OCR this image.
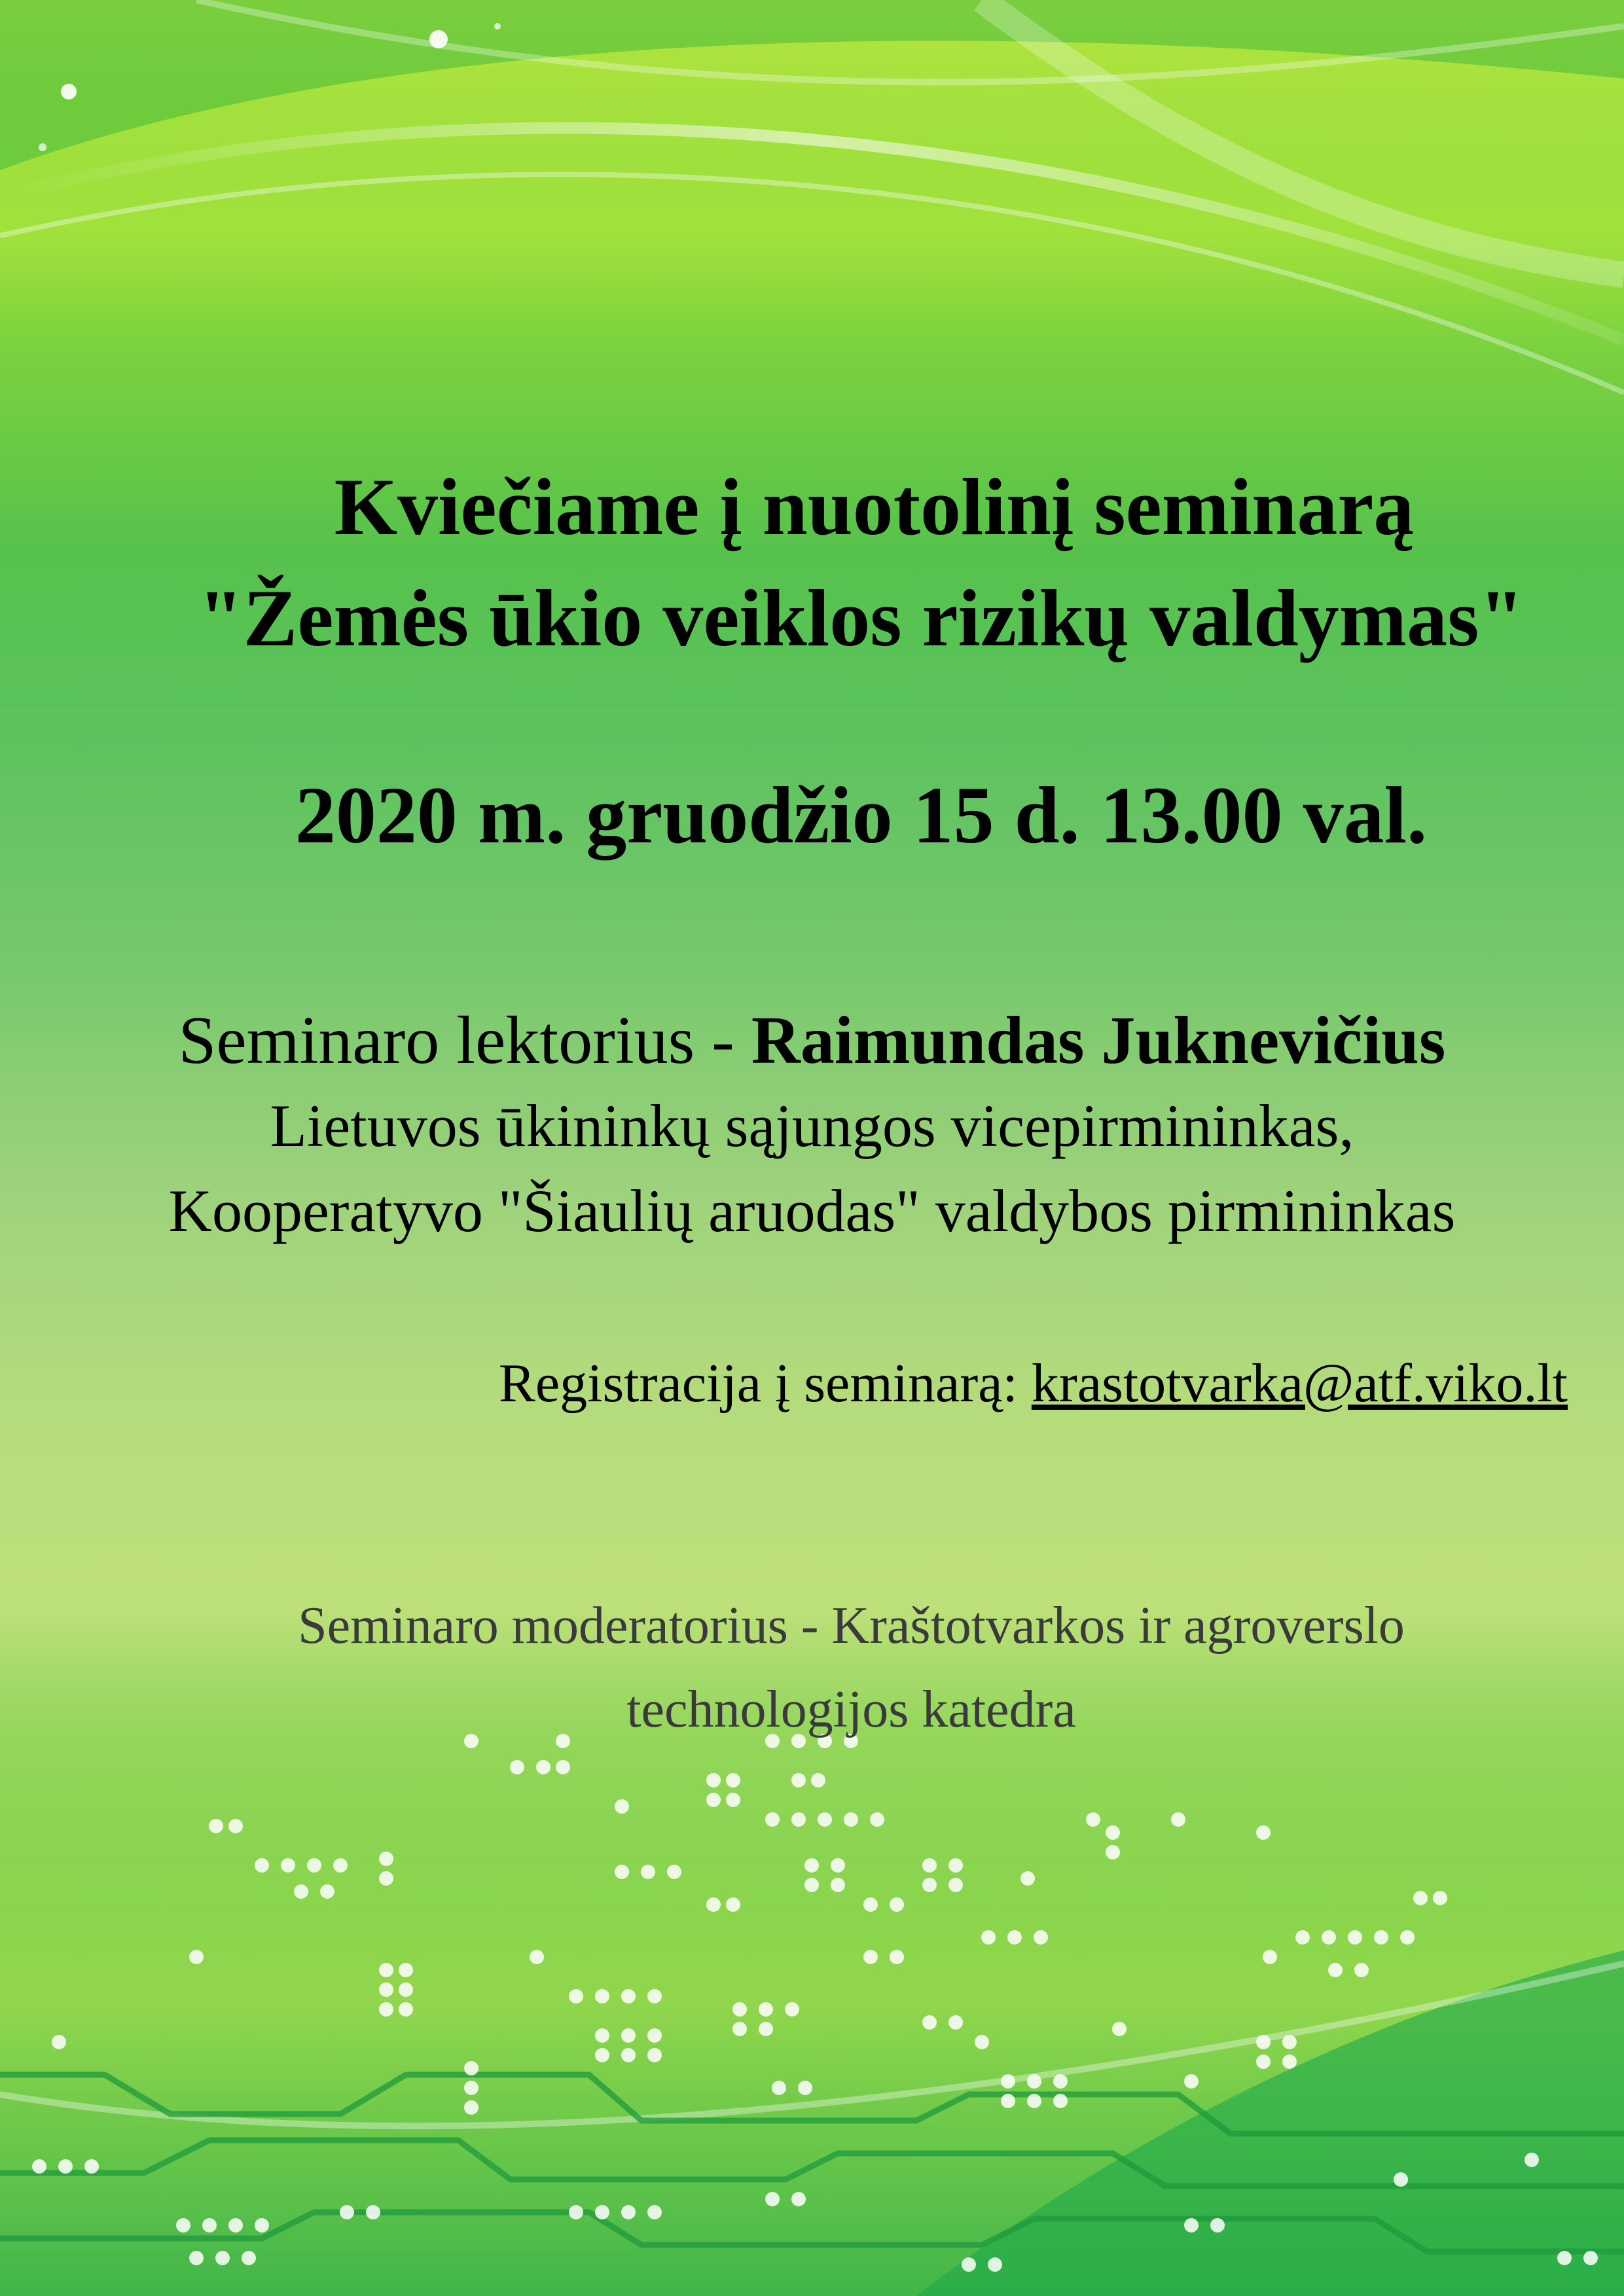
Kviečiame į nuotolinį seminarą
"Žemės ūkio veiklos rizikų valdymas"
2020 m. gruodžio 15 d. 13.00 val.
Seminaro lektorius - Raimundas Juknevičius
Lietuvos ūkininkų sąjungos vicepirmininkas,
Kooperatyvo "Šiaulių aruodas" valdybos pirmininkas
Registracija į seminarą: krastotvarka@atf.viko.lt
Seminaro moderatorius - Kraštotvarkos ir agroverslo
technologijos katedra
